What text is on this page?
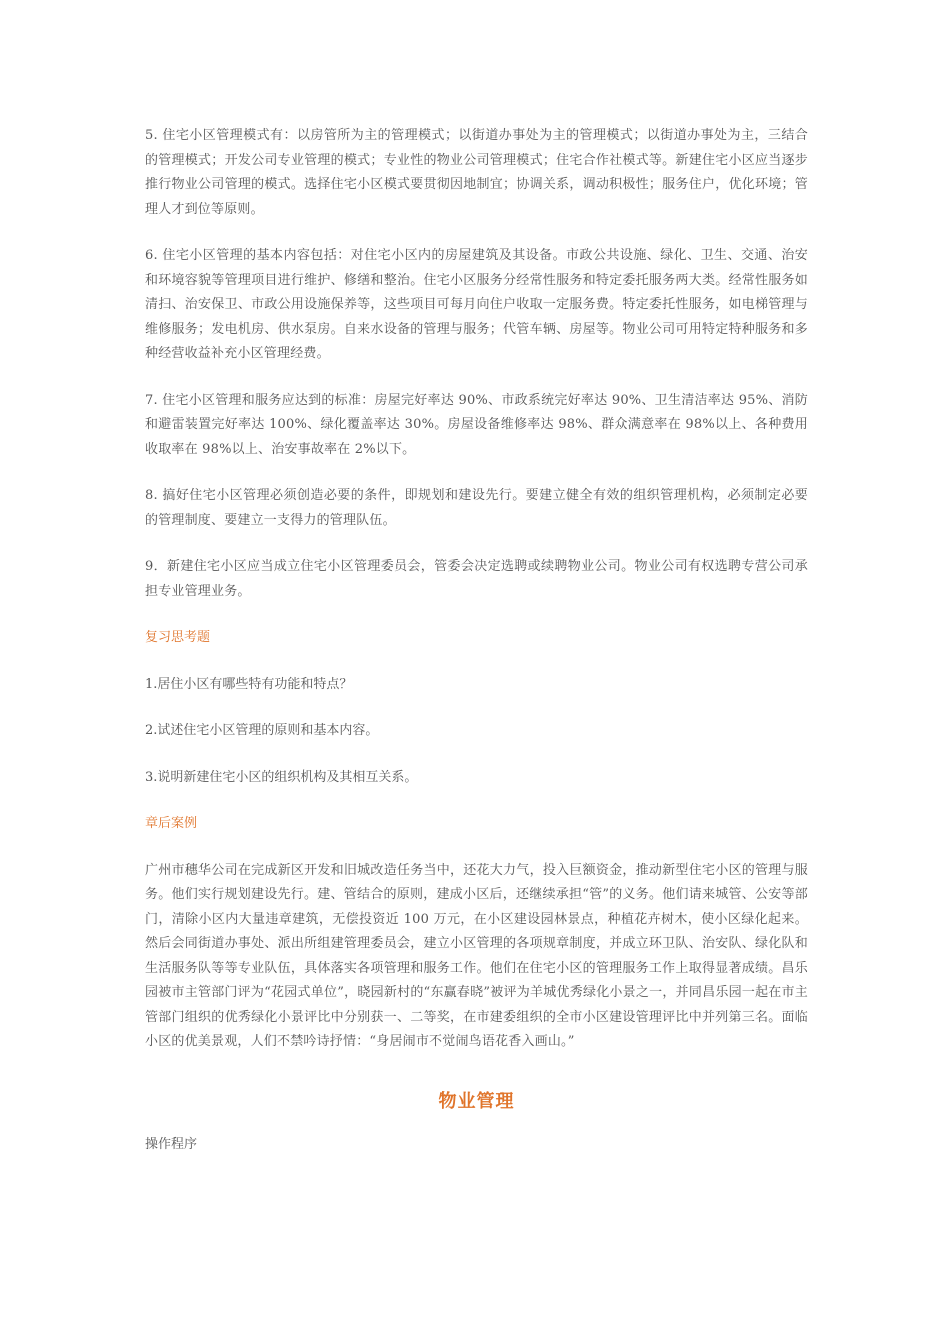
5. 住宅小区管理模式有：以房管所为主的管理模式；以街道办事处为主的管理模式；以街道办事处为主，三结合的管理模式；开发公司专业管理的模式；专业性的物业公司管理模式；住宅合作社模式等。新建住宅小区应当逐步推行物业公司管理的模式。选择住宅小区模式要贯彻因地制宜；协调关系，调动积极性；服务住户，优化环境；管理人才到位等原则。

6. 住宅小区管理的基本内容包括：对住宅小区内的房屋建筑及其设备。市政公共设施、绿化、卫生、交通、治安和环境容貌等管理项目进行维护、修缮和整治。住宅小区服务分经常性服务和特定委托服务两大类。经常性服务如清扫、治安保卫、市政公用设施保养等，这些项目可每月向住户收取一定服务费。特定委托性服务，如电梯管理与维修服务；发电机房、供水泵房。自来水设备的管理与服务；代管车辆、房屋等。物业公司可用特定特种服务和多种经营收益补充小区管理经费。

7. 住宅小区管理和服务应达到的标准：房屋完好率达 90%、市政系统完好率达 90%、卫生清洁率达 95%、消防和避雷装置完好率达 100%、绿化覆盖率达 30%。房屋设备维修率达 98%、群众满意率在 98%以上、各种费用收取率在 98%以上、治安事故率在 2%以下。

8. 搞好住宅小区管理必须创造必要的条件，即规划和建设先行。要建立健全有效的组织管理机构，必须制定必要的管理制度、要建立一支得力的管理队伍。

9．新建住宅小区应当成立住宅小区管理委员会，管委会决定选聘或续聘物业公司。物业公司有权选聘专营公司承担专业管理业务。

复习思考题
1.居住小区有哪些特有功能和特点？
2.试述住宅小区管理的原则和基本内容。
3.说明新建住宅小区的组织机构及其相互关系。
章后案例

广州市穗华公司在完成新区开发和旧城改造任务当中，还花大力气，投入巨额资金，推动新型住宅小区的管理与服务。他们实行规划建设先行。建、管结合的原则，建成小区后，还继续承担“管”的义务。他们请来城管、公安等部门，清除小区内大量违章建筑，无偿投资近 100 万元，在小区建设园林景点，种植花卉树木，使小区绿化起来。然后会同街道办事处、派出所组建管理委员会，建立小区管理的各项规章制度，并成立环卫队、治安队、绿化队和生活服务队等等专业队伍，具体落实各项管理和服务工作。他们在住宅小区的管理服务工作上取得显著成绩。昌乐园被市主管部门评为“花园式单位”，晓园新村的“东赢春晓”被评为羊城优秀绿化小景之一，并同昌乐园一起在市主管部门组织的优秀绿化小景评比中分别获一、二等奖，在市建委组织的全市小区建设管理评比中并列第三名。面临小区的优美景观，人们不禁吟诗抒情：“身居闹市不觉闹鸟语花香入画山。”

物业管理
操作程序
